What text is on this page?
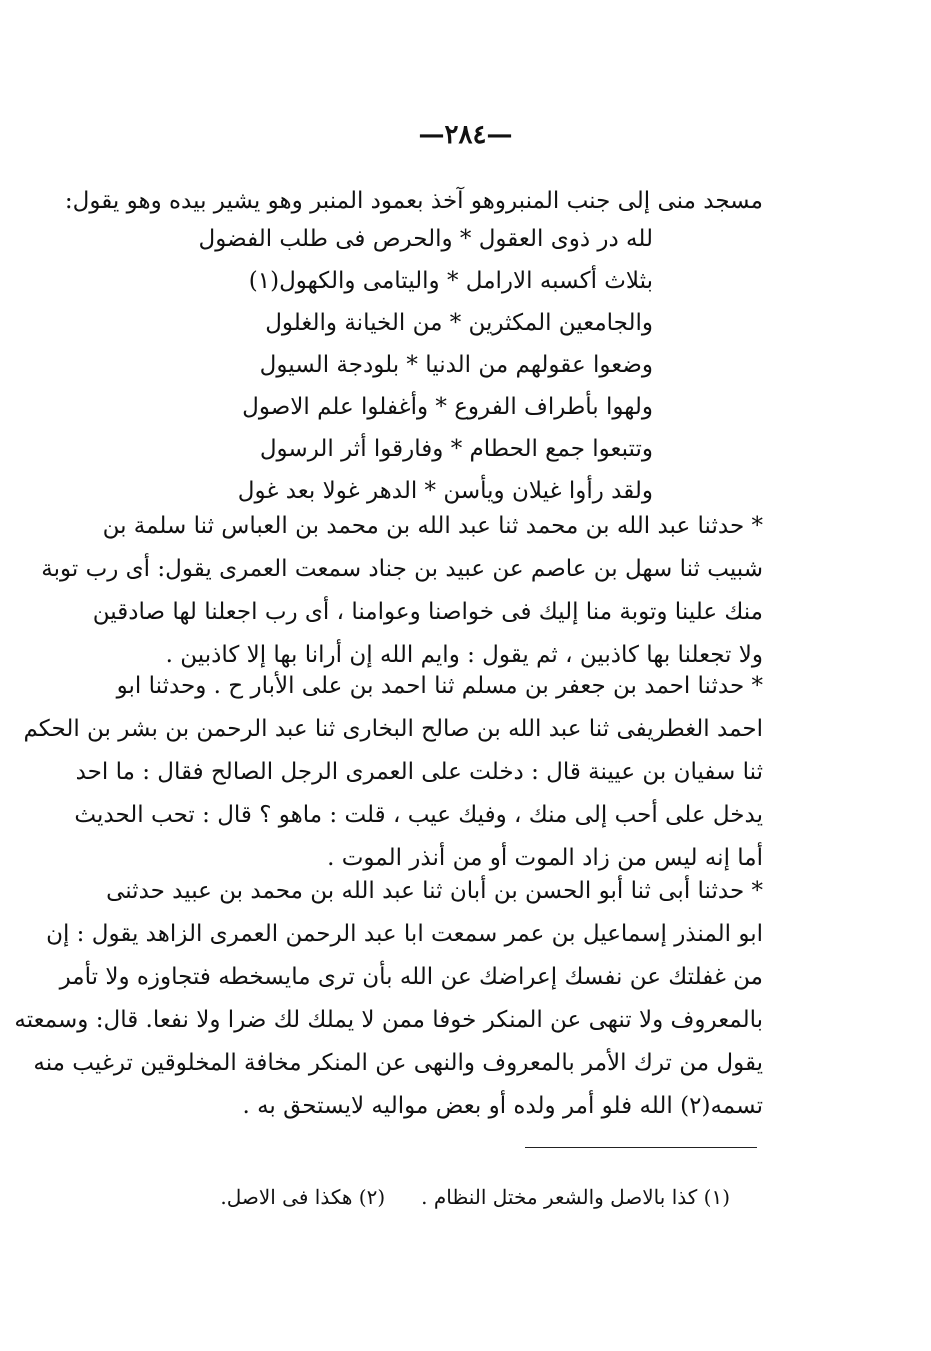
—٢٨٤—
مسجد منى إلى جنب المنبروهو آخذ بعمود المنبر وهو يشير بيده وهو يقول:
لله در ذوى العقول * والحرص فى طلب الفضول
بثلاث أكسبه الارامل * واليتامى والكهول(١)
والجامعين المكثرين * من الخيانة والغلول
وضعوا عقولهم من الدنيا * بلودجة السيول
ولهوا بأطراف الفروع * وأغفلوا علم الاصول
وتتبعوا جمع الحطام * وفارقوا أثر الرسول
ولقد رأوا غيلان ويأسن * الدهر غولا بعد غول
* حدثنا عبد الله بن محمد ثنا عبد الله بن محمد بن العباس ثنا سلمة بن
شبيب ثنا سهل بن عاصم عن عبيد بن جناد سمعت العمرى يقول: أى رب توبة
منك علينا وتوبة منا إليك فى خواصنا وعوامنا ، أى رب اجعلنا لها صادقين
ولا تجعلنا بها كاذبين ، ثم يقول : وايم الله إن أرانا بها إلا كاذبين .
* حدثنا احمد بن جعفر بن مسلم ثنا احمد بن على الأبار ح . وحدثنا ابو
احمد الغطريفى ثنا عبد الله بن صالح البخارى ثنا عبد الرحمن بن بشر بن الحكم
ثنا سفيان بن عيينة قال : دخلت على العمرى الرجل الصالح فقال : ما احد
يدخل على أحب إلى منك ، وفيك عيب ، قلت : ماهو ؟ قال : تحب الحديث
أما إنه ليس من زاد الموت أو من أنذر الموت .
* حدثنا أبى ثنا أبو الحسن بن أبان ثنا عبد الله بن محمد بن عبيد حدثنى
ابو المنذر إسماعيل بن عمر سمعت ابا عبد الرحمن العمرى الزاهد يقول : إن
من غفلتك عن نفسك إعراضك عن الله بأن ترى مايسخطه فتجاوزه ولا تأمر
بالمعروف ولا تنهى عن المنكر خوفا ممن لا يملك لك ضرا ولا نفعا. قال: وسمعته
يقول من ترك الأمر بالمعروف والنهى عن المنكر مخافة المخلوقين ترغيب منه
تسمه(٢) الله فلو أمر ولده أو بعض مواليه لايستحق به .
(١) كذا بالاصل والشعر مختل النظام .(٢) هكذا فى الاصل.
